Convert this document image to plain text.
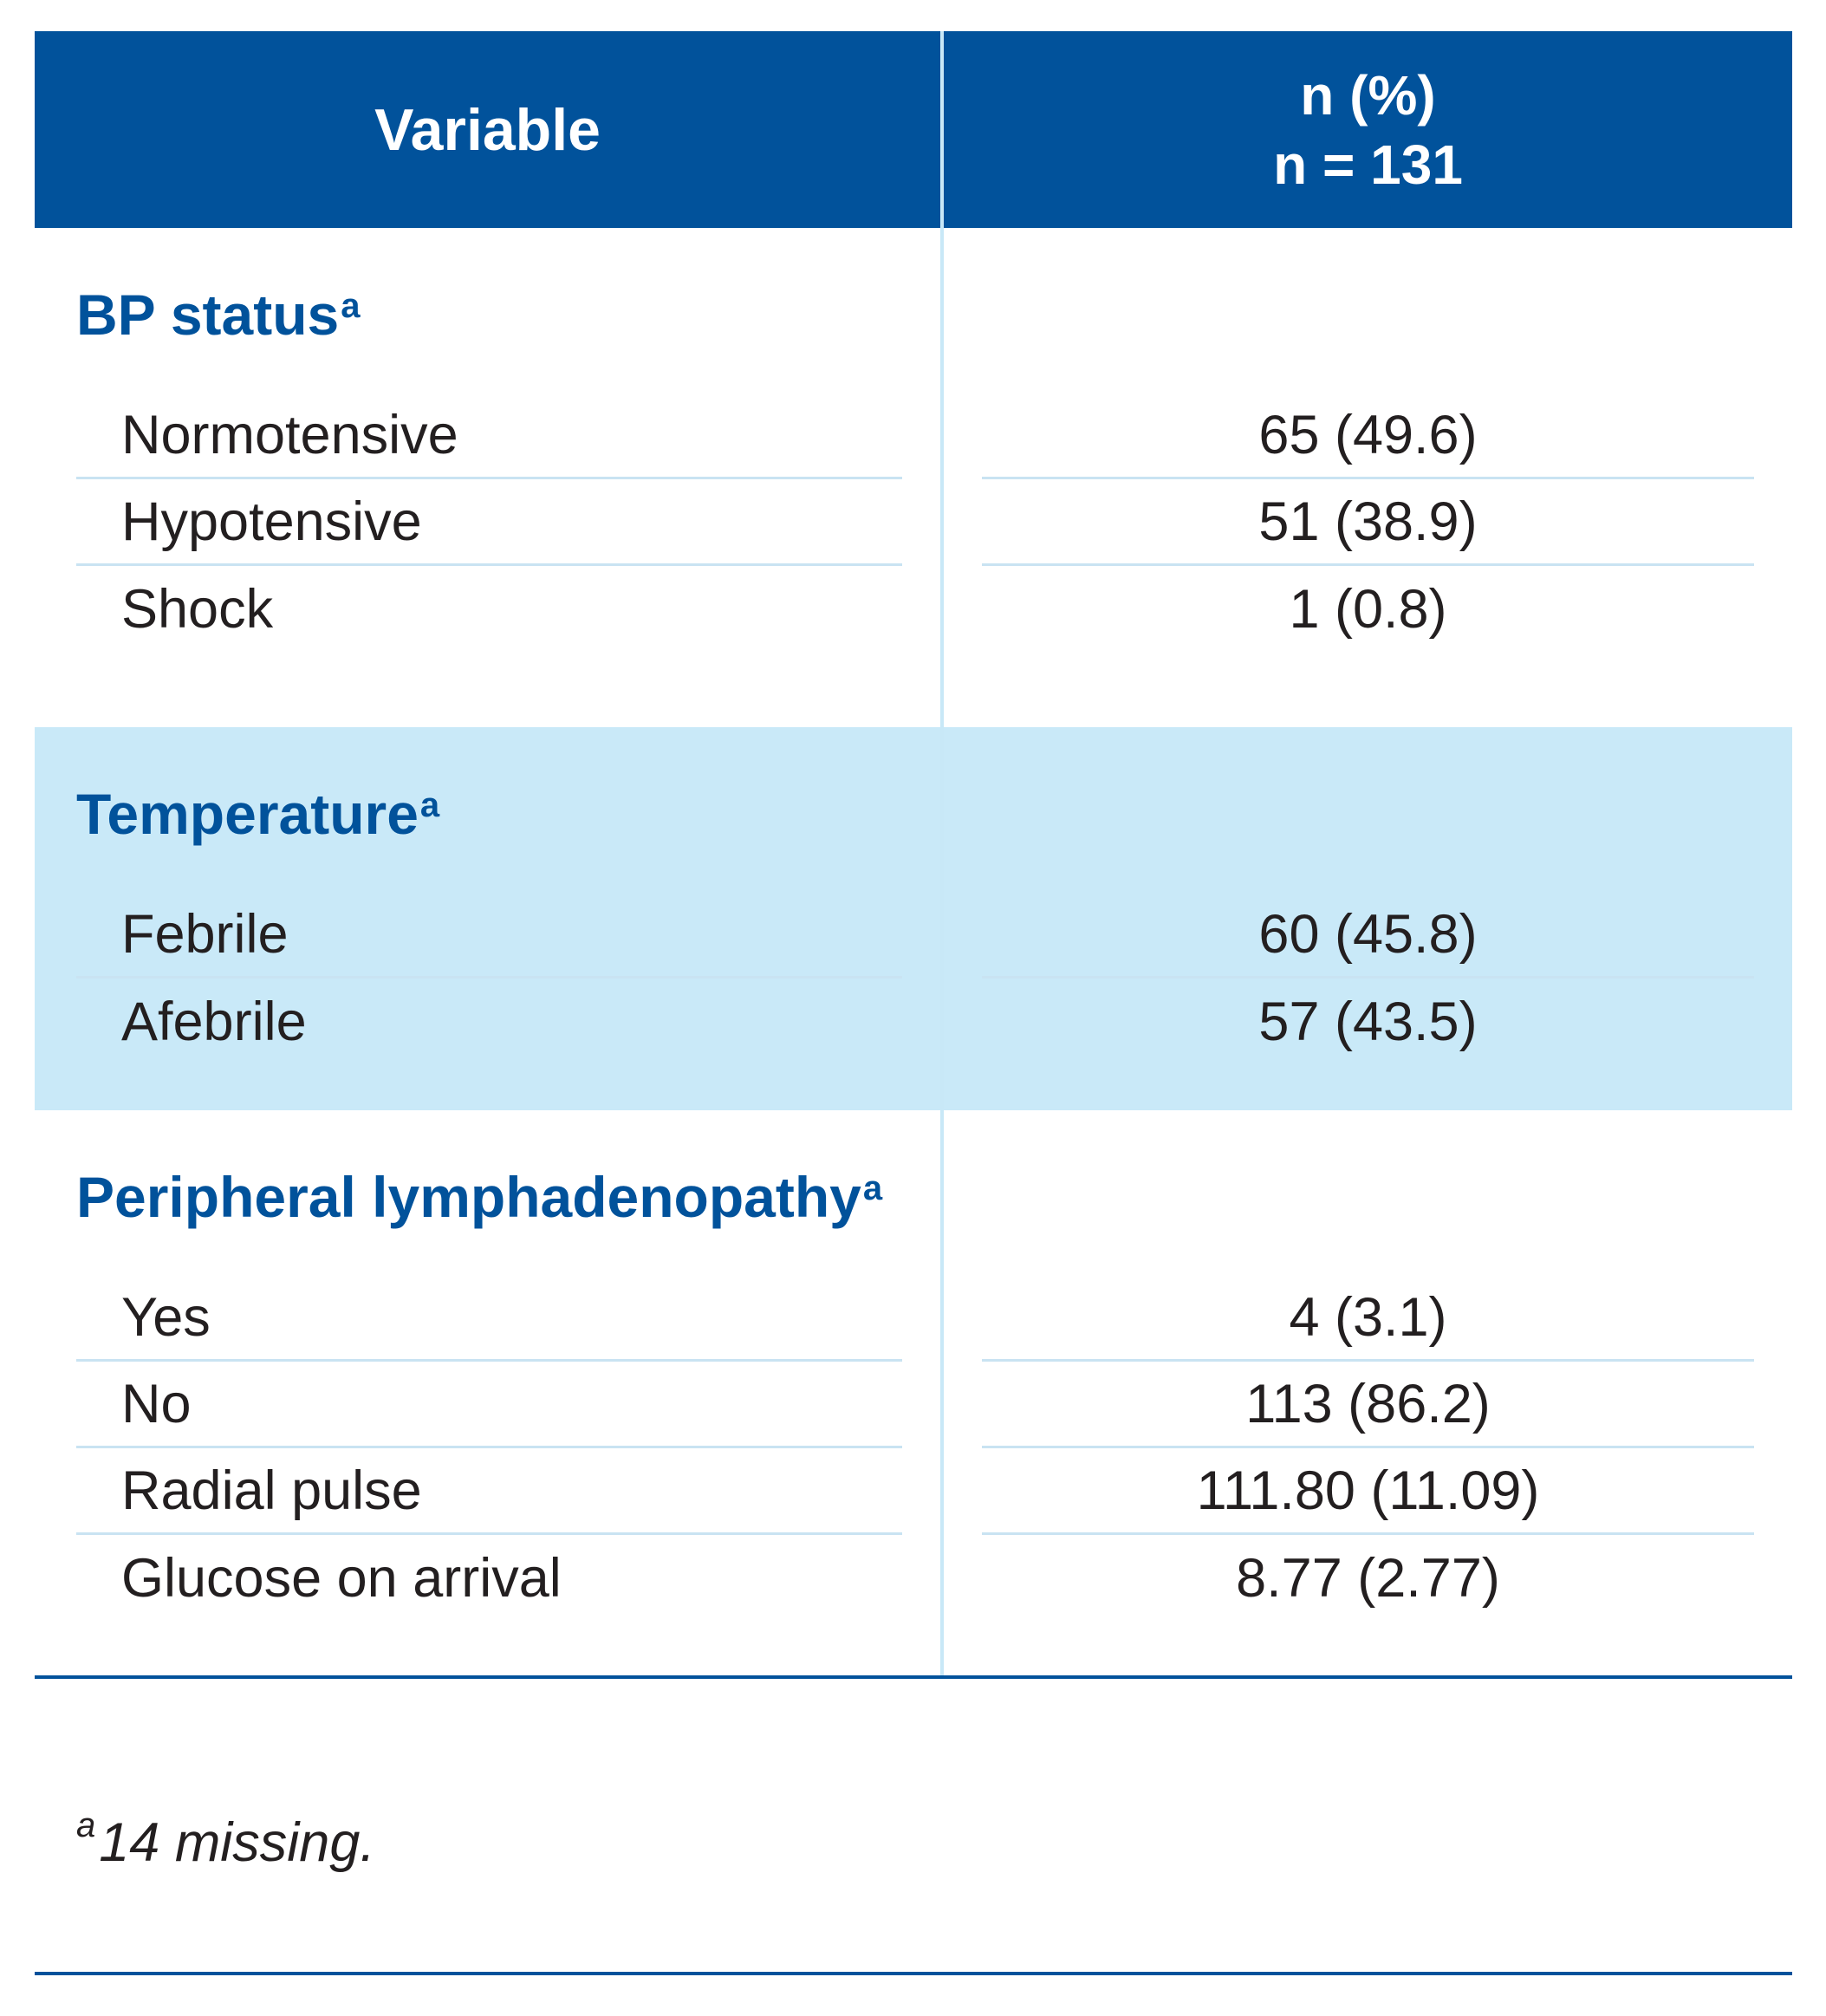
Variable
n (%)
n = 131
BP status$^a$
Normotensive
Hypotensive
Shock
65 (49.6)
51 (38.9)
1 (0.8)
Temperature$^a$
Febrile
Afebrile
60 (45.8)
57 (43.5)
Peripheral lymphadenopathy$^a$
Yes
No
Radial pulse
Glucose on arrival
4 (3.1)
113 (86.2)
111.80 (11.09)
8.77 (2.77)
$^a$14 missing.
